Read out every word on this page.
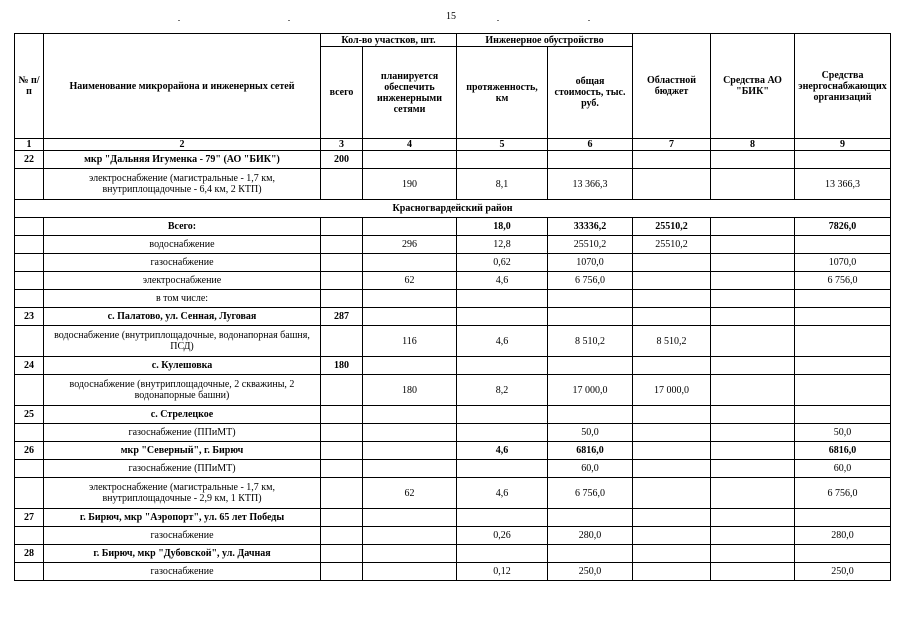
15
№ п/п	Наименование микрорайона и инженерных сетей	Кол-во участков, шт.		Инженерное обустройство		Областной бюджет	Средства АО "БИК"	Средства энергоснабжающих организаций
		всего	планируется обеспечить инженерными сетями	протяженность, км	общая стоимость, тыс. руб.			
1	2	3	4	5	6	7	8	9
22	мкр "Дальняя Игуменка - 79" (АО "БИК")	200						
	электроснабжение (магистральные - 1,7 км, внутриплощадочные - 6,4 км, 2 КТП)		190	8,1	13 366,3			13 366,3
Красногвардейский район								
	Всего:			18,0	33336,2	25510,2		7826,0
	водоснабжение		296	12,8	25510,2	25510,2		
	газоснабжение			0,62	1070,0			1070,0
	электроснабжение		62	4,6	6 756,0			6 756,0
	в том числе:							
23	с. Палатово, ул. Сенная, Луговая	287						
	водоснабжение (внутриплощадочные, водонапорная башня, ПСД)		116	4,6	8 510,2	8 510,2		
24	с. Кулешовка	180						
	водоснабжение (внутриплощадочные, 2 скважины, 2 водонапорные башни)		180	8,2	17 000,0	17 000,0		
25	с. Стрелецкое							
	газоснабжение (ППиМТ)				50,0			50,0
26	мкр "Северный", г. Бирюч			4,6	6816,0			6816,0
	газоснабжение (ППиМТ)				60,0			60,0
	электроснабжение (магистральные - 1,7 км, внутриплощадочные - 2,9 км, 1 КТП)		62	4,6	6 756,0			6 756,0
27	г. Бирюч, мкр "Аэропорт", ул. 65 лет Победы							
	газоснабжение			0,26	280,0			280,0
28	г. Бирюч, мкр "Дубовской", ул. Дачная							
	газоснабжение			0,12	250,0			250,0
